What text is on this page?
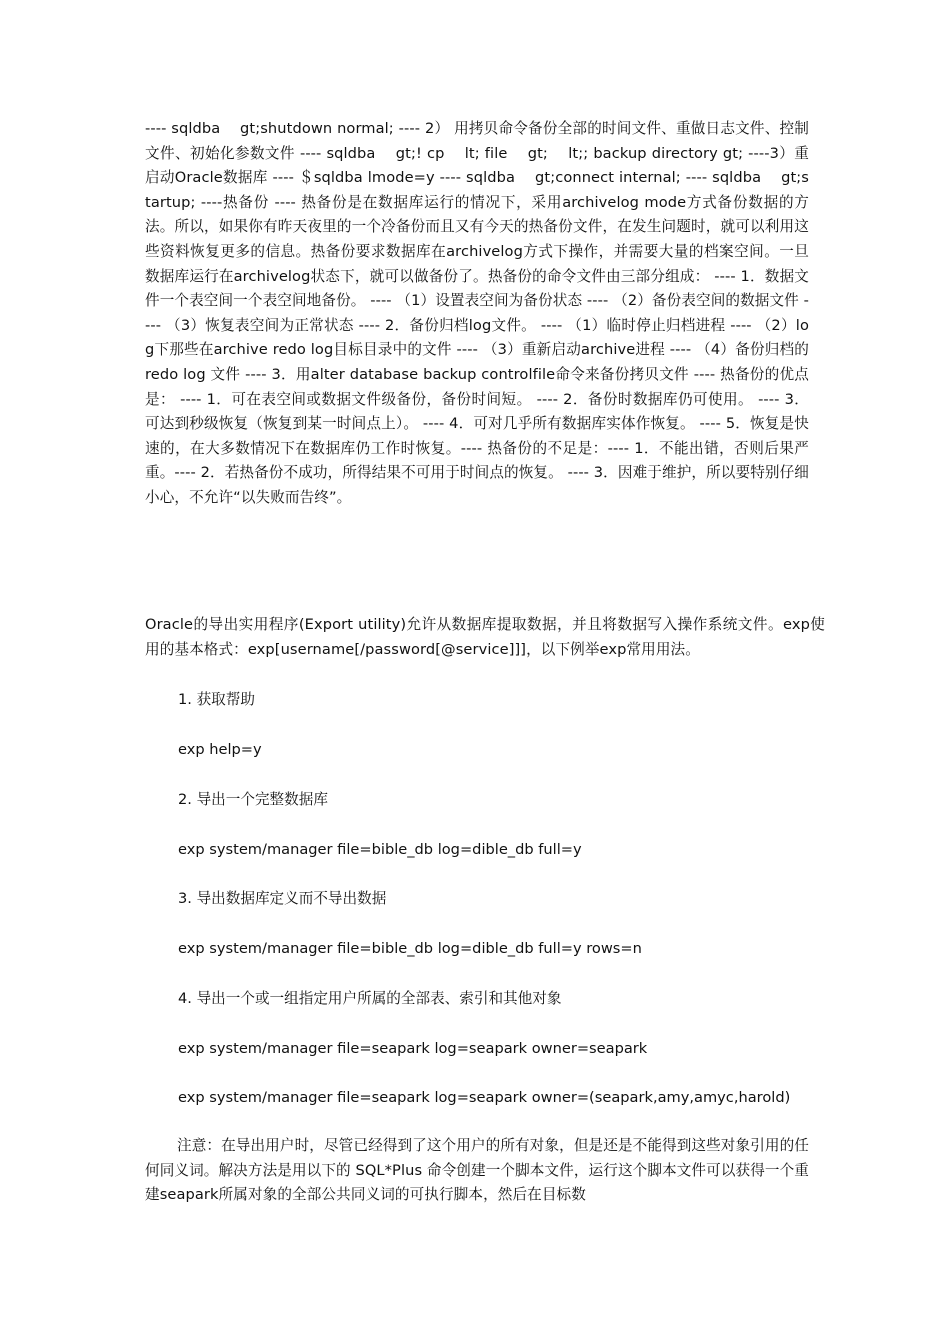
---- sqldba　 gt;shutdown normal; ---- 2） 用拷贝命令备份全部的时间文件、重做日志文件、控制文件、初始化参数文件 ---- sqldba　 gt;! cp　 lt; file　 gt;　 lt;; backup directory gt; ----3）重启动Oracle数据库 ---- ＄sqldba lmode=y ---- sqldba　 gt;connect internal; ---- sqldba　 gt;startup; ----热备份 ---- 热备份是在数据库运行的情况下，采用archivelog mode方式备份数据的方法。所以，如果你有昨天夜里的一个冷备份而且又有今天的热备份文件，在发生问题时，就可以利用这些资料恢复更多的信息。热备份要求数据库在archivelog方式下操作，并需要大量的档案空间。一旦数据库运行在archivelog状态下，就可以做备份了。热备份的命令文件由三部分组成： ---- 1．数据文件一个表空间一个表空间地备份。 ---- （1）设置表空间为备份状态 ---- （2）备份表空间的数据文件 ---- （3）恢复表空间为正常状态 ---- 2．备份归档log文件。 ---- （1）临时停止归档进程 ---- （2）log下那些在archive redo log目标目录中的文件 ---- （3）重新启动archive进程 ---- （4）备份归档的redo log 文件 ---- 3．用alter database backup controlfile命令来备份拷贝文件 ---- 热备份的优点是： ---- 1．可在表空间或数据文件级备份，备份时间短。 ---- 2．备份时数据库仍可使用。 ---- 3．可达到秒级恢复（恢复到某一时间点上）。 ---- 4．可对几乎所有数据库实体作恢复。 ---- 5．恢复是快速的，在大多数情况下在数据库仍工作时恢复。---- 热备份的不足是：---- 1．不能出错，否则后果严重。---- 2．若热备份不成功，所得结果不可用于时间点的恢复。 ---- 3．因难于维护，所以要特别仔细小心，不允许“以失败而告终”。

Oracle的导出实用程序(Export utility)允许从数据库提取数据，并且将数据写入操作系统文件。exp使用的基本格式：exp[username[/password[@service]]]，以下例举exp常用用法。

1. 获取帮助

exp help=y

2. 导出一个完整数据库

exp system/manager file=bible_db log=dible_db full=y

3. 导出数据库定义而不导出数据

exp system/manager file=bible_db log=dible_db full=y rows=n

4. 导出一个或一组指定用户所属的全部表、索引和其他对象

exp system/manager file=seapark log=seapark owner=seapark

exp system/manager file=seapark log=seapark owner=(seapark,amy,amyc,harold)

注意：在导出用户时，尽管已经得到了这个用户的所有对象，但是还是不能得到这些对象引用的任何同义词。解决方法是用以下的 SQL*Plus 命令创建一个脚本文件，运行这个脚本文件可以获得一个重建seapark所属对象的全部公共同义词的可执行脚本，然后在目标数
